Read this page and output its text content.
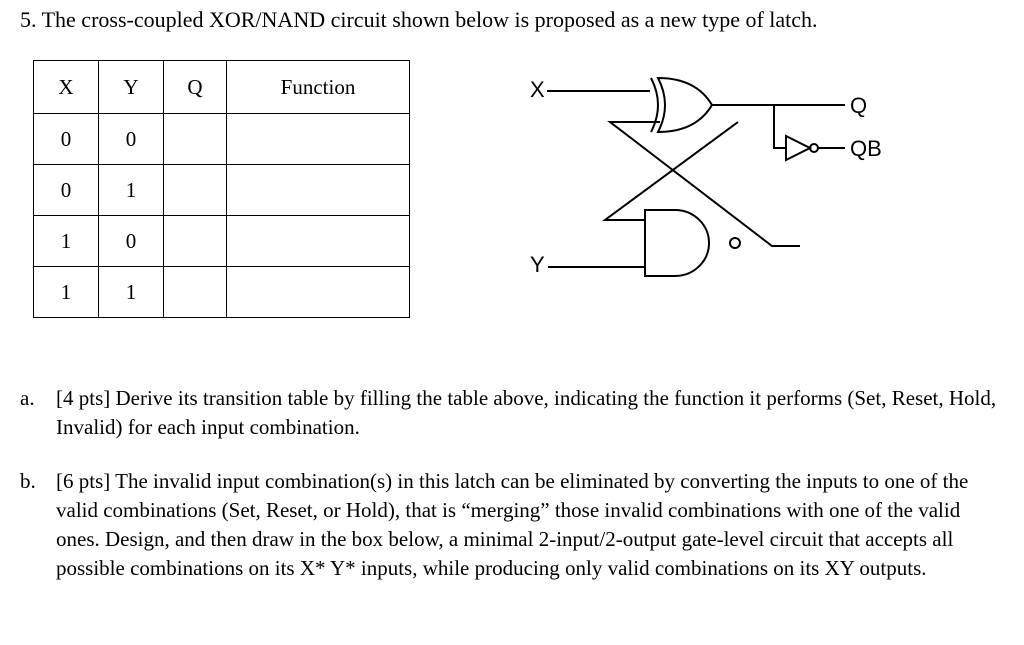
5. The cross-coupled XOR/NAND circuit shown below is proposed as a new type of latch.
X	Y	Q	Function
0	0		
0	1		
1	0		
1	1		
X
Q
QB
Y
a. [4 pts] Derive its transition table by filling the table above, indicating the function it performs (Set, Reset, Hold, Invalid) for each input combination.
b. [6 pts] The invalid input combination(s) in this latch can be eliminated by converting the inputs to one of the valid combinations (Set, Reset, or Hold), that is “merging” those invalid combinations with one of the valid ones. Design, and then draw in the box below, a minimal 2-input/2-output gate-level circuit that accepts all possible combinations on its X* Y* inputs, while producing only valid combinations on its XY outputs.
